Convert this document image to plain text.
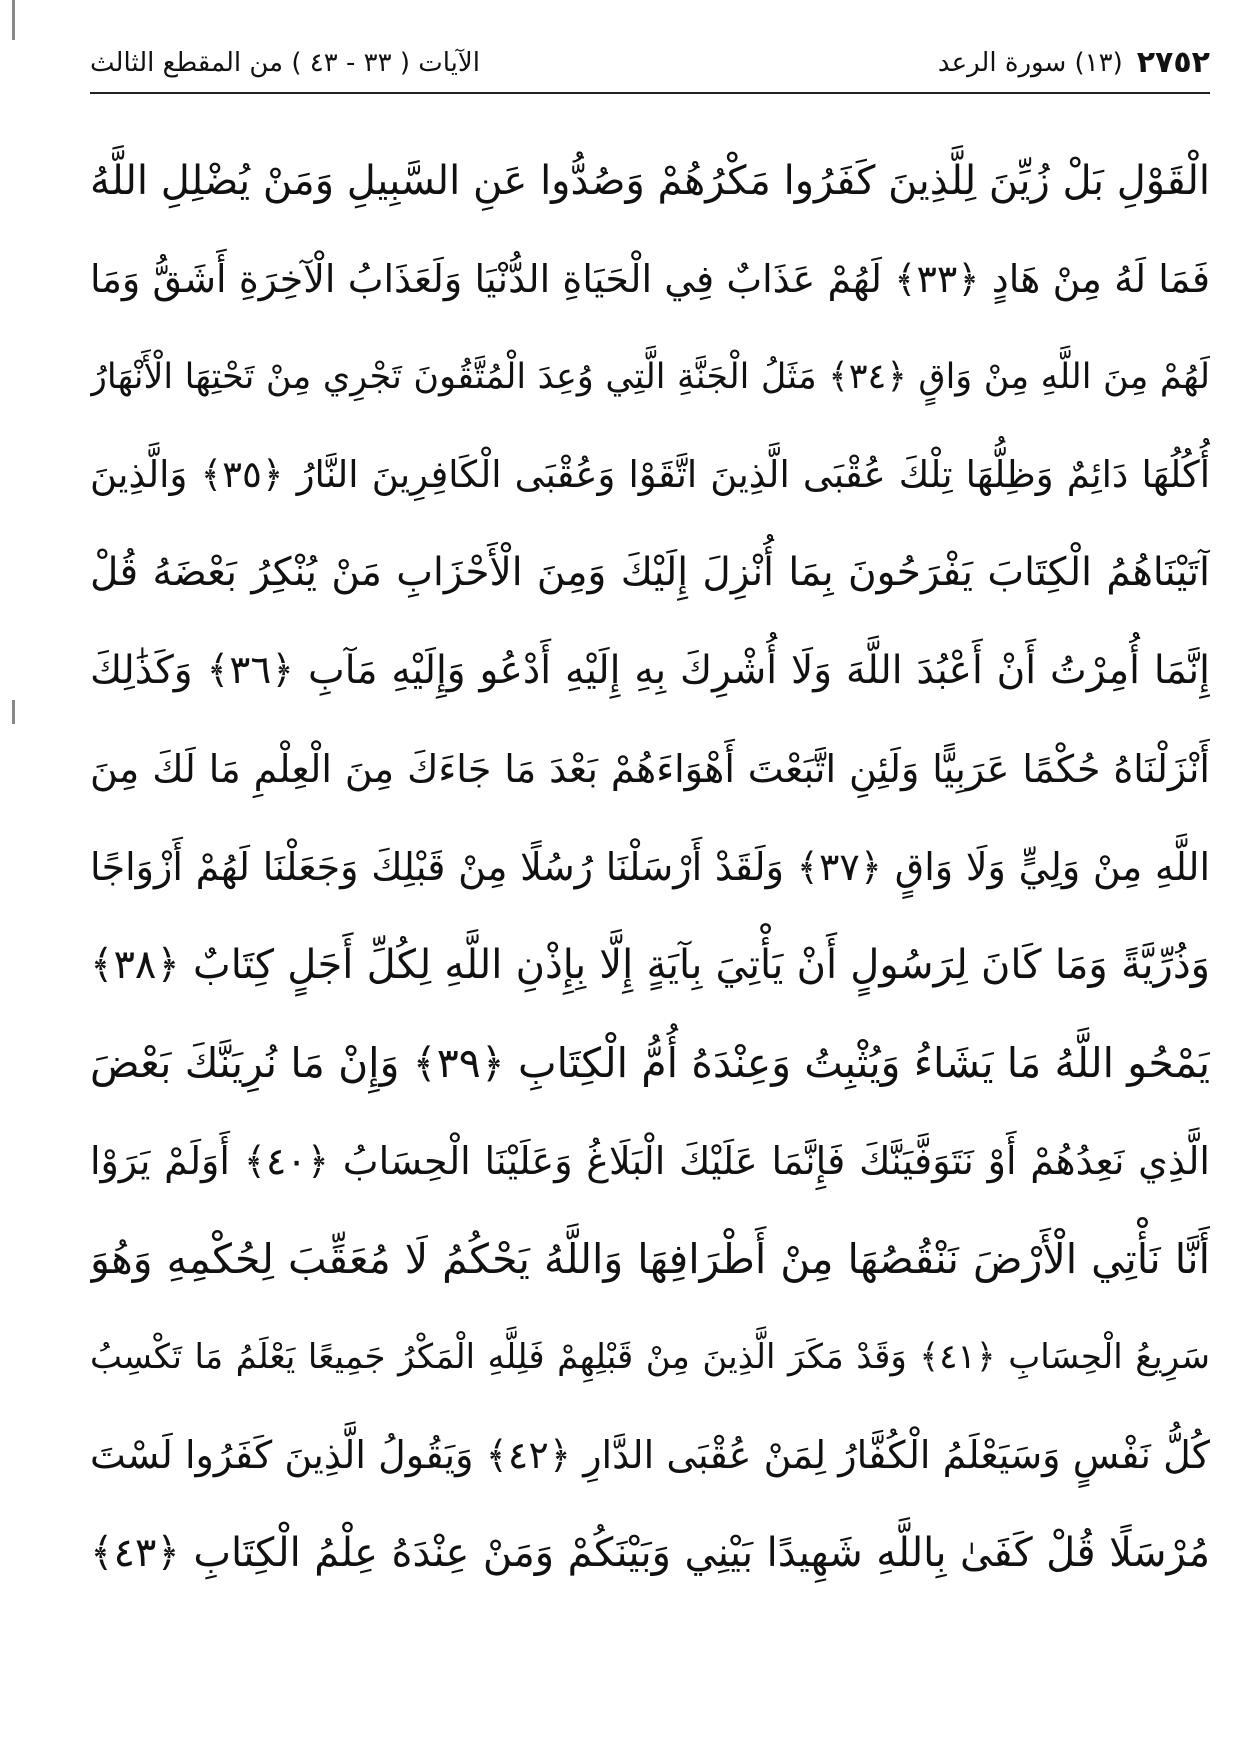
٢٧٥٢
(١٣) سورة الرعد
الآيات ( ٣٣ - ٤٣ ) من المقطع الثالث
الْقَوْلِ بَلْ زُيِّنَ لِلَّذِينَ كَفَرُوا مَكْرُهُمْ وَصُدُّوا عَنِ السَّبِيلِ وَمَنْ يُضْلِلِ اللَّهُ
فَمَا لَهُ مِنْ هَادٍ ﴿٣٣﴾ لَهُمْ عَذَابٌ فِي الْحَيَاةِ الدُّنْيَا وَلَعَذَابُ الْآخِرَةِ أَشَقُّ وَمَا
لَهُمْ مِنَ اللَّهِ مِنْ وَاقٍ ﴿٣٤﴾ مَثَلُ الْجَنَّةِ الَّتِي وُعِدَ الْمُتَّقُونَ تَجْرِي مِنْ تَحْتِهَا الْأَنْهَارُ
أُكُلُهَا دَائِمٌ وَظِلُّهَا تِلْكَ عُقْبَى الَّذِينَ اتَّقَوْا وَعُقْبَى الْكَافِرِينَ النَّارُ ﴿٣٥﴾ وَالَّذِينَ
آتَيْنَاهُمُ الْكِتَابَ يَفْرَحُونَ بِمَا أُنْزِلَ إِلَيْكَ وَمِنَ الْأَحْزَابِ مَنْ يُنْكِرُ بَعْضَهُ قُلْ
إِنَّمَا أُمِرْتُ أَنْ أَعْبُدَ اللَّهَ وَلَا أُشْرِكَ بِهِ إِلَيْهِ أَدْعُو وَإِلَيْهِ مَآبِ ﴿٣٦﴾ وَكَذَٰلِكَ
أَنْزَلْنَاهُ حُكْمًا عَرَبِيًّا وَلَئِنِ اتَّبَعْتَ أَهْوَاءَهُمْ بَعْدَ مَا جَاءَكَ مِنَ الْعِلْمِ مَا لَكَ مِنَ
اللَّهِ مِنْ وَلِيٍّ وَلَا وَاقٍ ﴿٣٧﴾ وَلَقَدْ أَرْسَلْنَا رُسُلًا مِنْ قَبْلِكَ وَجَعَلْنَا لَهُمْ أَزْوَاجًا
وَذُرِّيَّةً وَمَا كَانَ لِرَسُولٍ أَنْ يَأْتِيَ بِآيَةٍ إِلَّا بِإِذْنِ اللَّهِ لِكُلِّ أَجَلٍ كِتَابٌ ﴿٣٨﴾
يَمْحُو اللَّهُ مَا يَشَاءُ وَيُثْبِتُ وَعِنْدَهُ أُمُّ الْكِتَابِ ﴿٣٩﴾ وَإِنْ مَا نُرِيَنَّكَ بَعْضَ
الَّذِي نَعِدُهُمْ أَوْ نَتَوَفَّيَنَّكَ فَإِنَّمَا عَلَيْكَ الْبَلَاغُ وَعَلَيْنَا الْحِسَابُ ﴿٤٠﴾ أَوَلَمْ يَرَوْا
أَنَّا نَأْتِي الْأَرْضَ نَنْقُصُهَا مِنْ أَطْرَافِهَا وَاللَّهُ يَحْكُمُ لَا مُعَقِّبَ لِحُكْمِهِ وَهُوَ
سَرِيعُ الْحِسَابِ ﴿٤١﴾ وَقَدْ مَكَرَ الَّذِينَ مِنْ قَبْلِهِمْ فَلِلَّهِ الْمَكْرُ جَمِيعًا يَعْلَمُ مَا تَكْسِبُ
كُلُّ نَفْسٍ وَسَيَعْلَمُ الْكُفَّارُ لِمَنْ عُقْبَى الدَّارِ ﴿٤٢﴾ وَيَقُولُ الَّذِينَ كَفَرُوا لَسْتَ
مُرْسَلًا قُلْ كَفَىٰ بِاللَّهِ شَهِيدًا بَيْنِي وَبَيْنَكُمْ وَمَنْ عِنْدَهُ عِلْمُ الْكِتَابِ ﴿٤٣﴾
